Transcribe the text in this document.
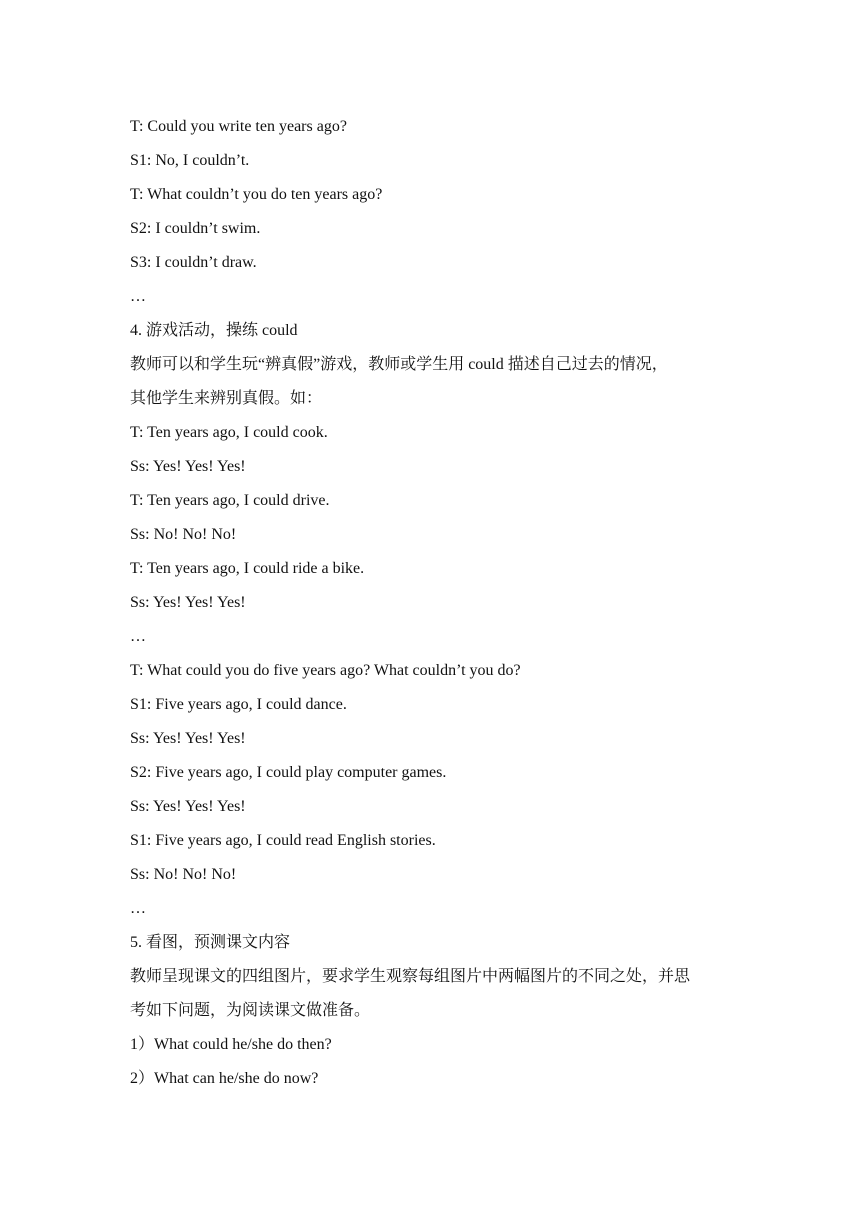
T: Could you write ten years ago?
S1: No, I couldn’t.
T: What couldn’t you do ten years ago?
S2: I couldn’t swim.
S3: I couldn’t draw.
…
4. 游戏活动，操练 could
教师可以和学生玩“辨真假”游戏，教师或学生用 could 描述自己过去的情况，
其他学生来辨别真假。如：
T: Ten years ago, I could cook.
Ss: Yes! Yes! Yes!
T: Ten years ago, I could drive.
Ss: No! No! No!
T: Ten years ago, I could ride a bike.
Ss: Yes! Yes! Yes!
…
T: What could you do five years ago? What couldn’t you do?
S1: Five years ago, I could dance.
Ss: Yes! Yes! Yes!
S2: Five years ago, I could play computer games.
Ss: Yes! Yes! Yes!
S1: Five years ago, I could read English stories.
Ss: No! No! No!
…
5. 看图，预测课文内容
教师呈现课文的四组图片，要求学生观察每组图片中两幅图片的不同之处，并思
考如下问题，为阅读课文做准备。
1）What could he/she do then?
2）What can he/she do now?
